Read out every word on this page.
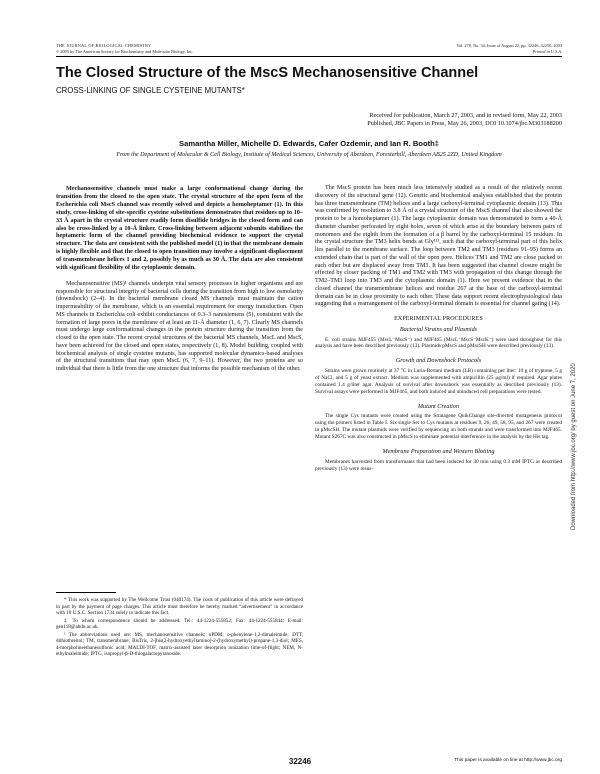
THE JOURNAL OF BIOLOGICAL CHEMISTRY
© 2003 by The American Society for Biochemistry and Molecular Biology, Inc.
Vol. 278, No. 34, Issue of August 22, pp. 32246–32250, 2003
Printed in U.S.A.
The Closed Structure of the MscS Mechanosensitive Channel
CROSS-LINKING OF SINGLE CYSTEINE MUTANTS*
Received for publication, March 27, 2003, and in revised form, May 22, 2003
Published, JBC Papers in Press, May 26, 2003, DOI 10.1074/jbc.M303188200
Samantha Miller, Michelle D. Edwards, Cafer Ozdemir, and Ian R. Booth‡
From the Department of Molecular & Cell Biology, Institute of Medical Sciences, University of Aberdeen, Foresterhill, Aberdeen AB25 2ZD, United Kingdom

Mechanosensitive channels must make a large conformational change during the transition from the closed to the open state. The crystal structure of the open form of the Escherichia coli MscS channel was recently solved and depicts a homoheptamer (1). In this study, cross-linking of site-specific cysteine substitutions demonstrates that residues up to 10–33 Å apart in the crystal structure readily form disulfide bridges in the closed form and can also be cross-linked by a 10-Å linker. Cross-linking between adjacent subunits stabilizes the heptameric form of the channel providing biochemical evidence to support the crystal structure. The data are consistent with the published model (1) in that the membrane domain is highly flexible and that the closed to open transition may involve a significant displacement of transmembrane helices 1 and 2, possibly by as much as 30 Å. The data are also consistent with significant flexibility of the cytoplasmic domain.

Mechanosensitive (MS)¹ channels underpin vital sensory processes in higher organisms and are responsible for structural integrity of bacterial cells during the transition from high to low osmolarity (downshock) (2–4). In the bacterial membrane closed MS channels must maintain the cation impermeability of the membrane, which is an essential requirement for energy transduction. Open MS channels in Escherichia coli exhibit conductances of 0.3–3 nanosiemens (5), consistent with the formation of large pores in the membrane of at least an 11-Å diameter (1, 6, 7). Clearly MS channels must undergo large conformational changes in the protein structure during the transition from the closed to the open state. The recent crystal structures of the bacterial MS channels, MscL and MscS, have been achieved for the closed and open states, respectively (1, 8). Model building, coupled with biochemical analysis of single cysteine mutants, has supported molecular dynamics-based analyses of the structural transitions that may open MscL (6, 7, 9–11). However, the two proteins are so individual that there is little from the one structure that informs the possible mechanism of the other.

* This work was supported by The Wellcome Trust (040174). The costs of publication of this article were defrayed in part by the payment of page charges. This article must therefore be hereby marked “advertisement” in accordance with 18 U.S.C. Section 1734 solely to indicate this fact.

‡ To whom correspondence should be addressed. Tel.: 44-1224-555852; Fax: 44-1224-555844; E-mail: gen118@abdn.ac.uk.

¹ The abbreviations used are: MS, mechanosensitive channels; oPDM, o-phenylene-1,2-dimaleimide; DTT, dithiothreitol; TM, transmembrane; BisTris, 2-[bis(2-hydroxyethyl)amino]-2-(hydroxymethyl)-propane-1,3-diol; MES, 4-morpholineethanesulfonic acid; MALDI-TOF, matrix-assisted laser desorption ionization time-of-flight; NEM, N-ethylmaleimide; IPTG, isopropyl-β-D-thiogalactopyranoside.

The MscS protein has been much less intensively studied as a result of the relatively recent discovery of the structural gene (12). Genetic and biochemical analyses established that the protein has three transmembrane (TM) helices and a large carboxyl-terminal cytoplasmic domain (13). This was confirmed by resolution to 3.8 Å of a crystal structure of the MscS channel that also showed the protein to be a homoheptamer (1). The large cytoplasmic domain was demonstrated to form a 40-Å diameter chamber perforated by eight holes, seven of which arise at the boundary between pairs of monomers and the eighth from the formation of a β barrel by the carboxyl-terminal 15 residues. In the crystal structure the TM3 helix bends at Gly¹¹³, such that the carboxyl-terminal part of this helix lies parallel to the membrane surface. The loop between TM2 and TM3 (residues 91–95) forms an extended chain that is part of the wall of the open pore. Helices TM1 and TM2 are close packed to each other but are displaced away from TM3. It has been suggested that channel closure might be effected by closer packing of TM1 and TM2 with TM3 with propagation of this change through the TM2–TM3 loop into TM3 and the cytoplasmic domain (1). Here we present evidence that in the closed channel the transmembrane helices and residue 267 at the base of the carboxyl-terminal domain can be in close proximity to each other. These data support recent electrophysiological data suggesting that a rearrangement of the carboxyl-terminal domain is essential for channel gating (14).

EXPERIMENTAL PROCEDURES
Bacterial Strains and Plasmids

E. coli strains MJF455 (MscL⁻MscS⁻) and MJF465 (MscL⁻MscS⁻MscK⁻) were used throughout for this analysis and have been described previously (13). Plasmids pMscS and pMscSH were described previously (13).

Growth and Downshock Protocols

Strains were grown routinely at 37 °C in Luria-Bertani medium (LB) containing per liter: 10 g of tryptone, 5 g of NaCl, and 5 g of yeast extract. Medium was supplemented with ampicillin (25 μg/ml) if required. Agar plates contained 1.4 g/liter agar. Analysis of survival after downshock was essentially as described previously (13). Survival assays were performed in MJF465, and both induced and uninduced cell preparations were tested.

Mutant Creation

The single Cys mutants were created using the Stratagene QuikChange site-directed mutagenesis protocol using the primers listed in Table I. Six single Ser to Cys mutants at residues 9, 26, 49, 58, 95, and 267 were created in pMscSH. The mutant plasmids were verified by sequencing on both strands and were transformed into MJF465. Mutant S267C was also constructed in pMscS to eliminate potential interference in the analysis by the His tag.

Membrane Preparation and Western Blotting

Membranes harvested from transformants that had been induced for 30 min using 0.3 mM IPTG as described previously (13) were resus-	Downloaded from http://www.jbc.org/ by guest on June 7, 2020
32246	This paper is available on line at http://www.jbc.org
